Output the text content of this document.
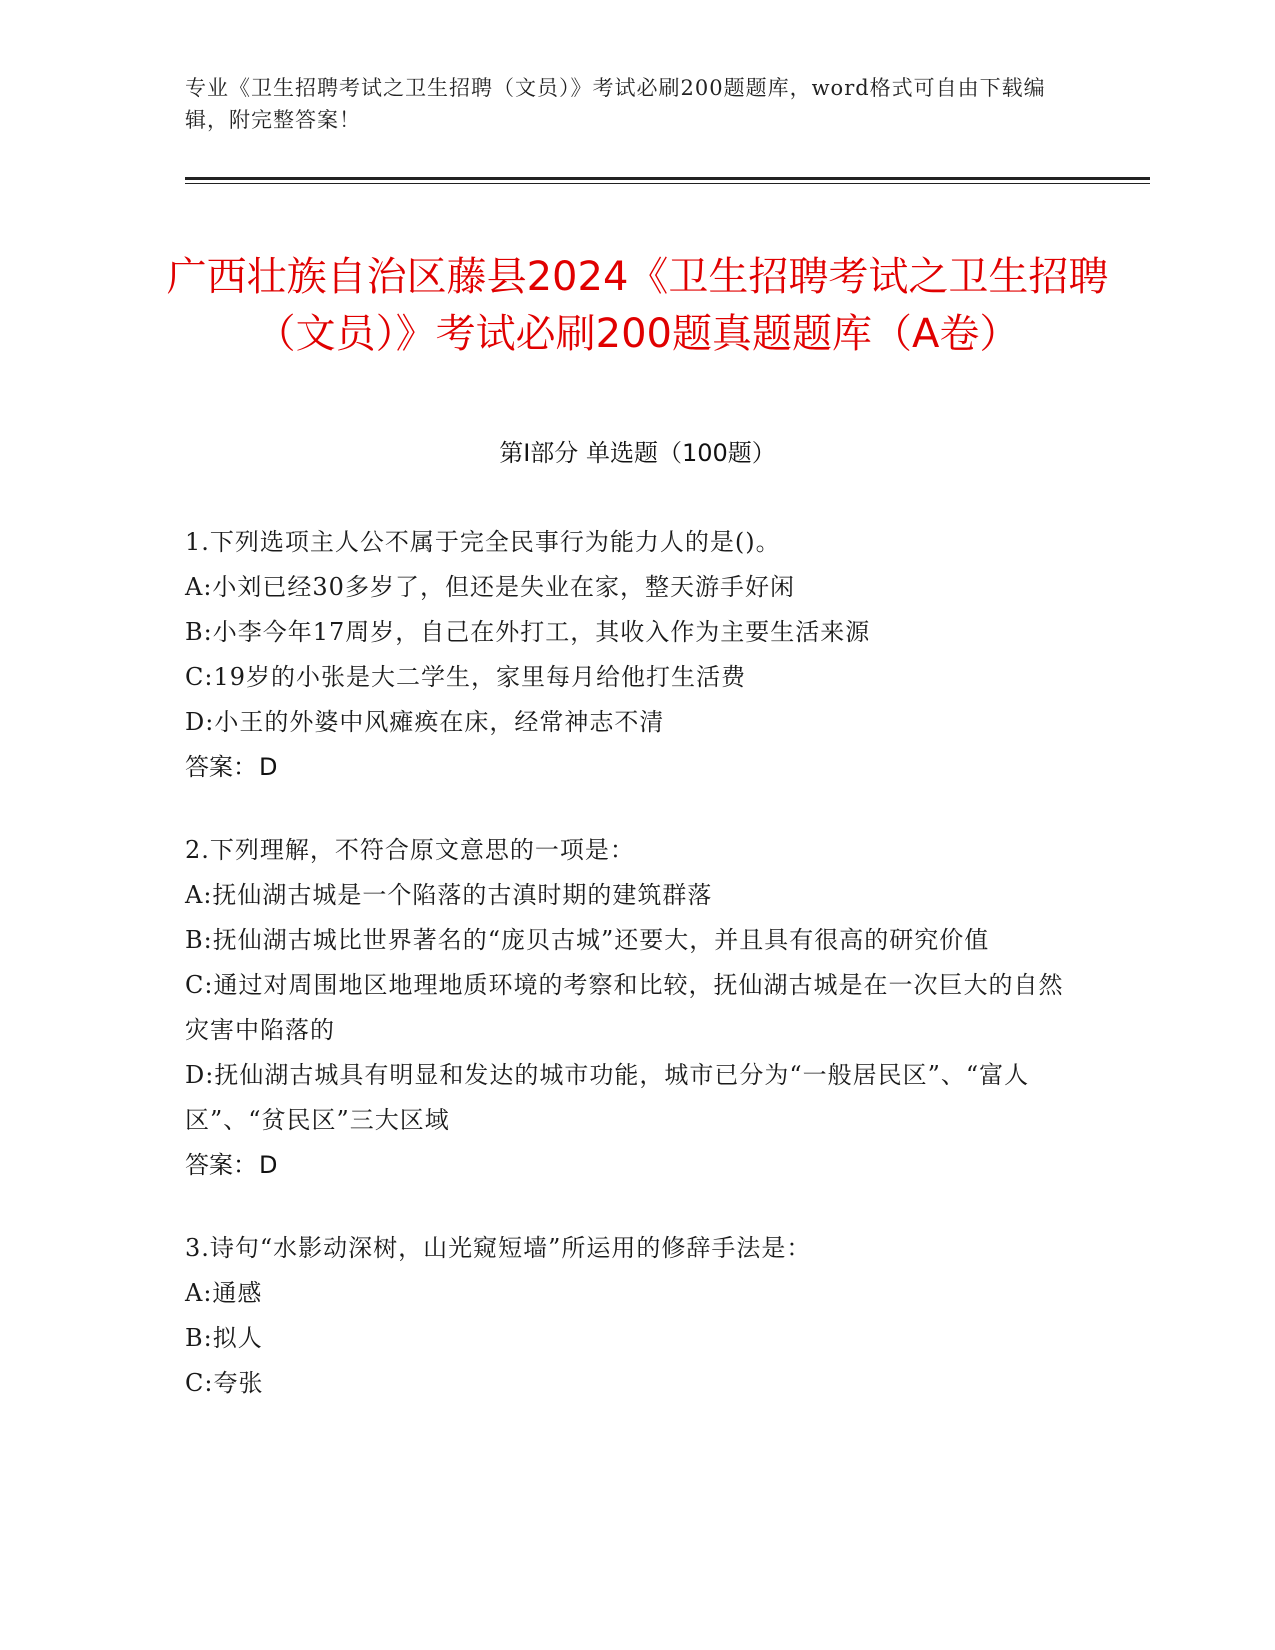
专业《卫生招聘考试之卫生招聘（文员）》考试必刷200题题库，word格式可自由下载编辑，附完整答案！
广西壮族自治区藤县2024《卫生招聘考试之卫生招聘（文员）》考试必刷200题真题题库（A卷）
第Ⅰ部分 单选题（100题）

1.下列选项主人公不属于完全民事行为能力人的是()。

A:小刘已经30多岁了，但还是失业在家，整天游手好闲

B:小李今年17周岁，自己在外打工，其收入作为主要生活来源

C:19岁的小张是大二学生，家里每月给他打生活费

D:小王的外婆中风瘫痪在床，经常神志不清

答案：D

2.下列理解，不符合原文意思的一项是：

A:抚仙湖古城是一个陷落的古滇时期的建筑群落

B:抚仙湖古城比世界著名的“庞贝古城”还要大，并且具有很高的研究价值

C:通过对周围地区地理地质环境的考察和比较，抚仙湖古城是在一次巨大的自然灾害中陷落的

D:抚仙湖古城具有明显和发达的城市功能，城市已分为“一般居民区”、“富人区”、“贫民区”三大区域

答案：D

3.诗句“水影动深树，山光窥短墙”所运用的修辞手法是：

A:通感

B:拟人

C:夸张
